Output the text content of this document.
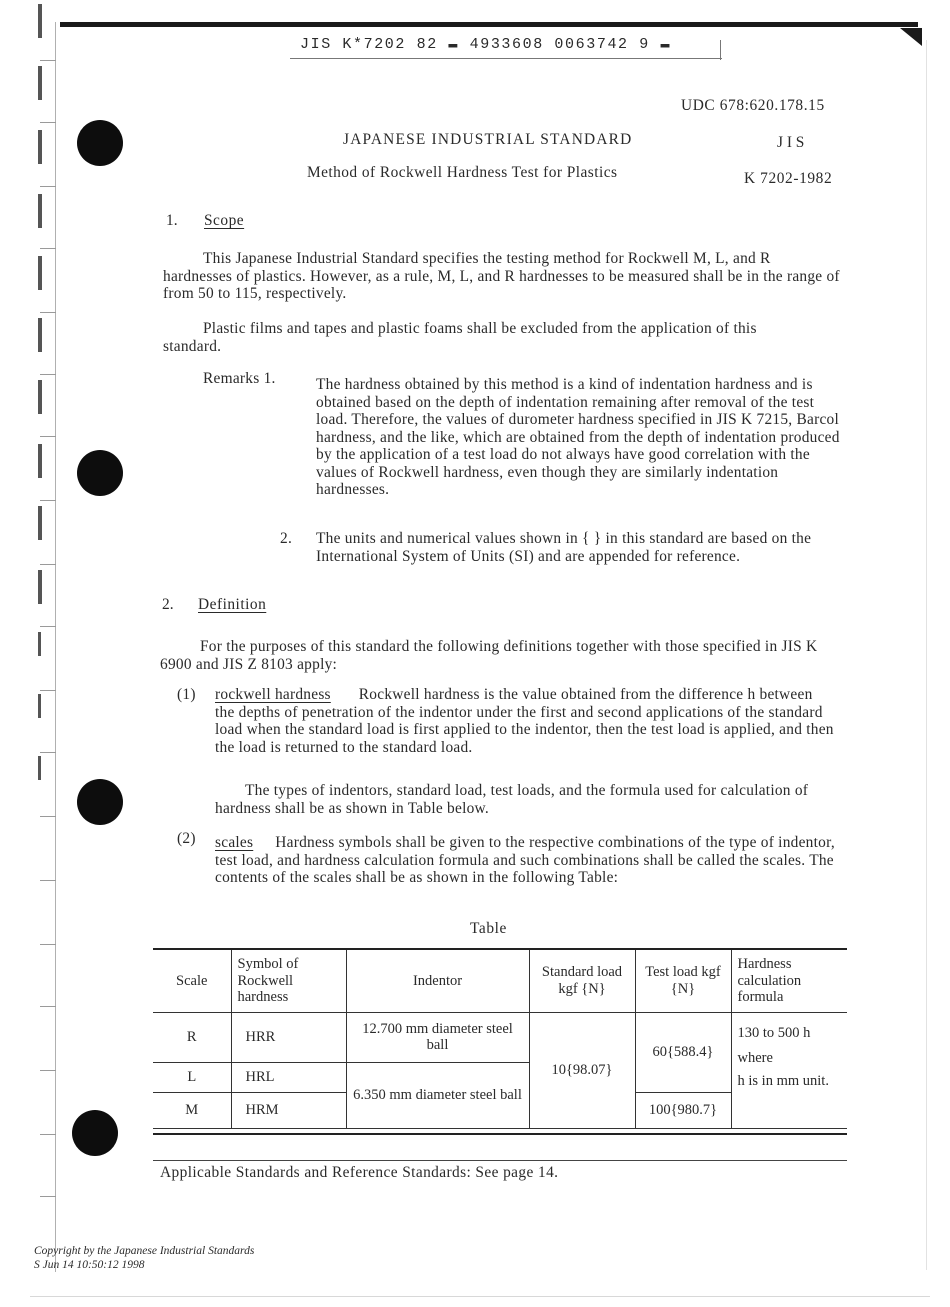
JIS K*7202 82 ▬ 4933608 0063742 9 ▬
UDC 678:620.178.15
JAPANESE INDUSTRIAL STANDARD	J I S
Method of Rockwell Hardness Test for Plastics	K 7202-1982
1. Scope
This Japanese Industrial Standard specifies the testing method for Rockwell M, L, and R hardnesses of plastics. However, as a rule, M, L, and R hardnesses to be measured shall be in the range of from 50 to 115, respectively.
Plastic films and tapes and plastic foams shall be excluded from the application of this standard.
Remarks 1.	The hardness obtained by this method is a kind of indentation hardness and is obtained based on the depth of indentation remaining after removal of the test load. Therefore, the values of durometer hardness specified in JIS K 7215, Barcol hardness, and the like, which are obtained from the depth of indentation produced by the application of a test load do not always have good correlation with the values of Rockwell hardness, even though they are similarly indentation hardnesses.
2. The units and numerical values shown in { } in this standard are based on the International System of Units (SI) and are appended for reference.
2. Definition
For the purposes of this standard the following definitions together with those specified in JIS K 6900 and JIS Z 8103 apply:
(1) rockwell hardness Rockwell hardness is the value obtained from the difference h between the depths of penetration of the indentor under the first and second applications of the standard load when the standard load is first applied to the indentor, then the test load is applied, and then the load is returned to the standard load.
The types of indentors, standard load, test loads, and the formula used for calculation of hardness shall be as shown in Table below.
(2) scales Hardness symbols shall be given to the respective combinations of the type of indentor, test load, and hardness calculation formula and such combinations shall be called the scales. The contents of the scales shall be as shown in the following Table:
Table
Scale	Symbol of Rockwell hardness	Indentor	Standard load kgf {N}	Test load kgf {N}	Hardness calculation formula
R	HRR	12.700 mm diameter steel ball	10{98.07}	60{588.4}	130 to 500 h
where
h is in mm unit.

L	HRL	6.350 mm diameter steel ball			
M	HRM			100{980.7}	
Applicable Standards and Reference Standards: See page 14.
Copyright by the Japanese Industrial Standards
S Jun 14 10:50:12 1998
